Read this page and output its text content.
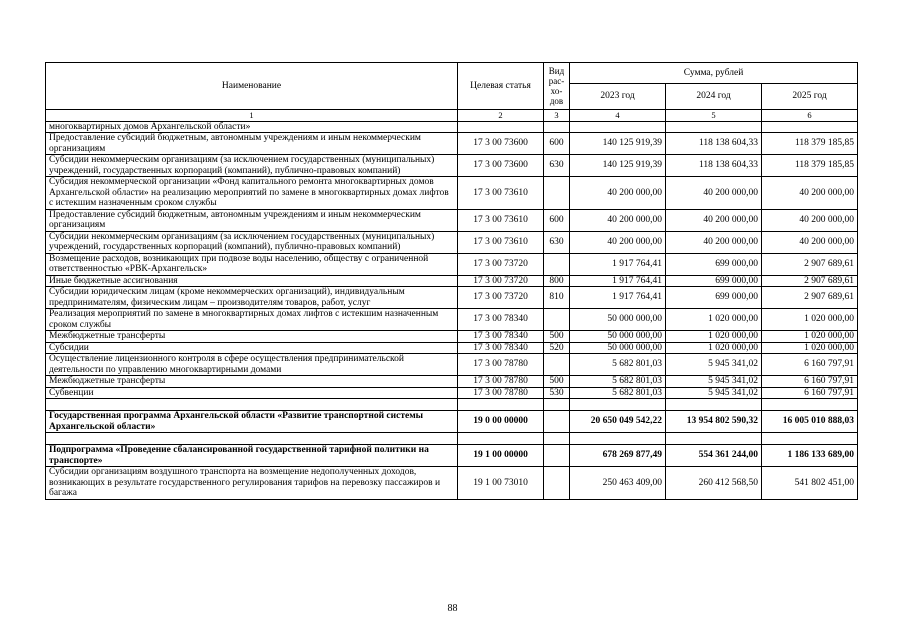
Наименование	Целевая статья	Вид рас-хо-дов	Сумма, рублей		
			2023 год	2024 год	2025 год
1	2	3	4	5	6
многоквартирных домов Архангельской области»					
Предоставление субсидий бюджетным, автономным учреждениям и иным некоммерческим организациям	17 3 00 73600	600	140 125 919,39	118 138 604,33	118 379 185,85
Субсидии некоммерческим организациям (за исключением государственных (муниципальных) учреждений, государственных корпораций (компаний), публично-правовых компаний)	17 3 00 73600	630	140 125 919,39	118 138 604,33	118 379 185,85
Субсидия некоммерческой организации «Фонд капитального ремонта многоквартирных домов Архангельской области» на реализацию мероприятий по замене в многоквартирных домах лифтов с истекшим назначенным сроком службы	17 3 00 73610		40 200 000,00	40 200 000,00	40 200 000,00
Предоставление субсидий бюджетным, автономным учреждениям и иным некоммерческим организациям	17 3 00 73610	600	40 200 000,00	40 200 000,00	40 200 000,00
Субсидии некоммерческим организациям (за исключением государственных (муниципальных) учреждений, государственных корпораций (компаний), публично-правовых компаний)	17 3 00 73610	630	40 200 000,00	40 200 000,00	40 200 000,00
Возмещение расходов, возникающих при подвозе воды населению, обществу с ограниченной ответственностью «РВК-Архангельск»	17 3 00 73720		1 917 764,41	699 000,00	2 907 689,61
Иные бюджетные ассигнования	17 3 00 73720	800	1 917 764,41	699 000,00	2 907 689,61
Субсидии юридическим лицам (кроме некоммерческих организаций), индивидуальным предпринимателям, физическим лицам – производителям товаров, работ, услуг	17 3 00 73720	810	1 917 764,41	699 000,00	2 907 689,61
Реализация мероприятий по замене в многоквартирных домах лифтов с истекшим назначенным сроком службы	17 3 00 78340		50 000 000,00	1 020 000,00	1 020 000,00
Межбюджетные трансферты	17 3 00 78340	500	50 000 000,00	1 020 000,00	1 020 000,00
Субсидии	17 3 00 78340	520	50 000 000,00	1 020 000,00	1 020 000,00
Осуществление лицензионного контроля в сфере осуществления предпринимательской деятельности по управлению многоквартирными домами	17 3 00 78780		5 682 801,03	5 945 341,02	6 160 797,91
Межбюджетные трансферты	17 3 00 78780	500	5 682 801,03	5 945 341,02	6 160 797,91
Субвенции	17 3 00 78780	530	5 682 801,03	5 945 341,02	6 160 797,91

Государственная программа Архангельской области «Развитие транспортной системы Архангельской области»	19 0 00 00000		20 650 049 542,22	13 954 802 590,32	16 005 010 888,03

Подпрограмма «Проведение сбалансированной государственной тарифной политики на транспорте»	19 1 00 00000		678 269 877,49	554 361 244,00	1 186 133 689,00
Субсидии организациям воздушного транспорта на возмещение недополученных доходов, возникающих в результате государственного регулирования тарифов на перевозку пассажиров и багажа	19 1 00 73010		250 463 409,00	260 412 568,50	541 802 451,00
88
